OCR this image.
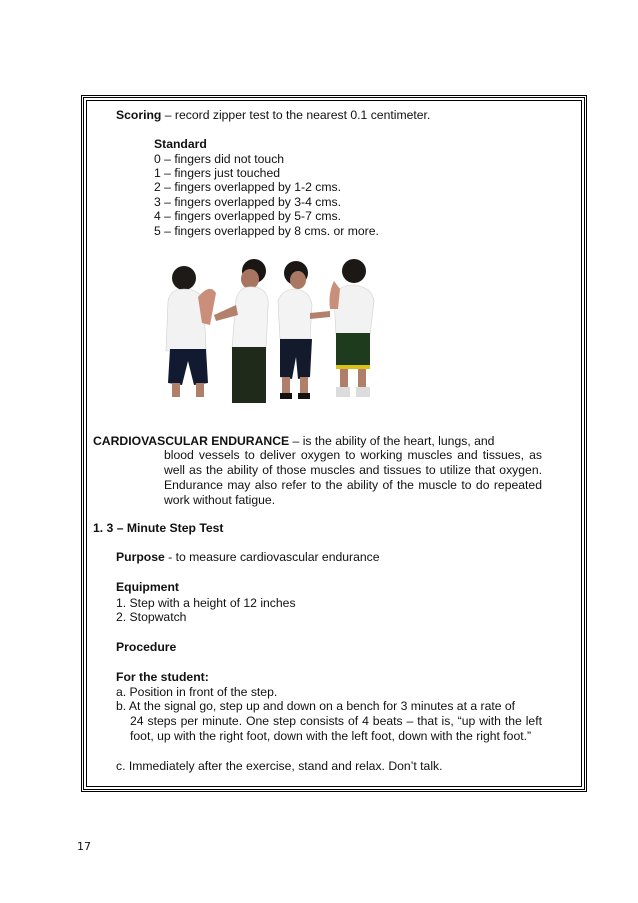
Scoring – record zipper test to the nearest 0.1 centimeter.
Standard
0 – fingers did not touch
1 – fingers just touched
2 – fingers overlapped by 1-2 cms.
3 – fingers overlapped by 3-4 cms.
4 – fingers overlapped by 5-7 cms.
5 – fingers overlapped by 8 cms. or more.
CARDIOVASCULAR ENDURANCE – is the ability of the heart, lungs, and
blood vessels to deliver oxygen to working muscles and tissues, as well as the ability of those muscles and tissues to utilize that oxygen. Endurance may also refer to the ability of the muscle to do repeated work without fatigue.
1. 3 – Minute Step Test
Purpose - to measure cardiovascular endurance
Equipment
1. Step with a height of 12 inches
2. Stopwatch
Procedure
For the student:
a. Position in front of the step.
b. At the signal go, step up and down on a bench for 3 minutes at a rate of
24 steps per minute. One step consists of 4 beats – that is, “up with the left foot, up with the right foot, down with the left foot, down with the right foot.”
c. Immediately after the exercise, stand and relax. Don’t talk.
17
